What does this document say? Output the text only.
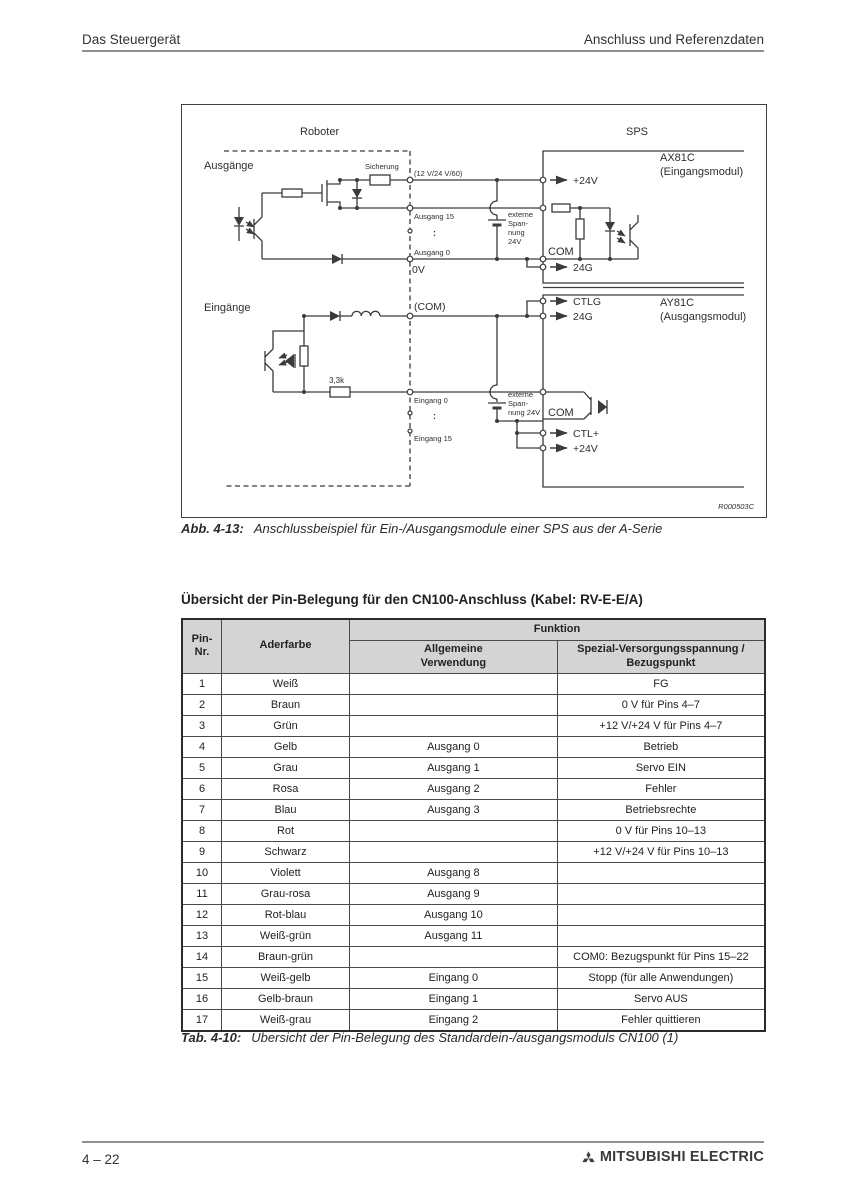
Das Steuergerät	Anschluss und Referenzdaten
Roboter	SPS
Ausgänge
Eingänge
AX81C
(Eingangsmodul)
AY81C
(Ausgangsmodul)
COM
COM
+24V
24G
CTLG
24G
CTL+
+24V
0V
(COM)
Sicherung
(12 V/24 V/60)
Ausgang 15
Ausgang 0
Eingang 0
Eingang 15
externe
Span-
nung
24V
externe
Span-
nung 24V
3,3k
:
:
R000503C
Abb. 4-13: Anschlussbeispiel für Ein-/Ausgangsmodule einer SPS aus der A-Serie
Übersicht der Pin-Belegung für den CN100-Anschluss (Kabel: RV-E-E/A)
Pin-
Nr.	Aderfarbe	Funktion	
		Allgemeine
Verwendung	Spezial-Versorgungsspannung /
Bezugspunkt
1	Weiß		FG
2	Braun		0 V für Pins 4–7
3	Grün		+12 V/+24 V für Pins 4–7
4	Gelb	Ausgang 0	Betrieb
5	Grau	Ausgang 1	Servo EIN
6	Rosa	Ausgang 2	Fehler
7	Blau	Ausgang 3	Betriebsrechte
8	Rot		0 V für Pins 10–13
9	Schwarz		+12 V/+24 V für Pins 10–13
10	Violett	Ausgang 8	
11	Grau-rosa	Ausgang 9	
12	Rot-blau	Ausgang 10	
13	Weiß-grün	Ausgang 11	
14	Braun-grün		COM0: Bezugspunkt für Pins 15–22
15	Weiß-gelb	Eingang 0	Stopp (für alle Anwendungen)
16	Gelb-braun	Eingang 1	Servo AUS
17	Weiß-grau	Eingang 2	Fehler quittieren
Tab. 4-10: Übersicht der Pin-Belegung des Standardein-/ausgangsmoduls CN100 (1)
4 – 22	MITSUBISHI ELECTRIC
